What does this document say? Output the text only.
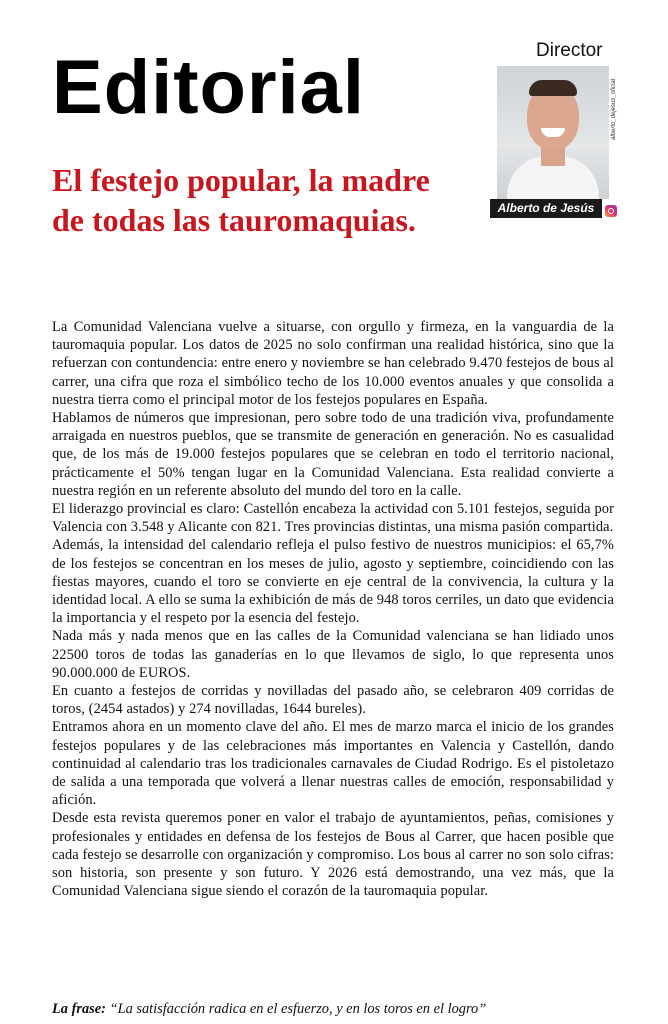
Editorial	Director
alberto_dejesus_oficial
Alberto de Jesús
El festejo popular, la madre de todas las tauromaquias.

La Comunidad Valenciana vuelve a situarse, con orgullo y firmeza, en la vanguardia de la tauromaquia popular. Los datos de 2025 no solo confirman una realidad histórica, sino que la refuerzan con contundencia: entre enero y noviembre se han celebrado 9.470 festejos de bous al carrer, una cifra que roza el simbólico techo de los 10.000 eventos anuales y que consolida a nuestra tierra como el principal motor de los festejos populares en España.

Hablamos de números que impresionan, pero sobre todo de una tradición viva, profundamente arraigada en nuestros pueblos, que se transmite de generación en generación. No es casualidad que, de los más de 19.000 festejos populares que se celebran en todo el territorio nacional, prácticamente el 50% tengan lugar en la Comunidad Valenciana. Esta realidad convierte a nuestra región en un referente absoluto del mundo del toro en la calle.

El liderazgo provincial es claro: Castellón encabeza la actividad con 5.101 festejos, seguida por Valencia con 3.548 y Alicante con 821. Tres provincias distintas, una misma pasión compartida.

Además, la intensidad del calendario refleja el pulso festivo de nuestros municipios: el 65,7% de los festejos se concentran en los meses de julio, agosto y septiembre, coincidiendo con las fiestas mayores, cuando el toro se convierte en eje central de la convivencia, la cultura y la identidad local. A ello se suma la exhibición de más de 948 toros cerriles, un dato que evidencia la importancia y el respeto por la esencia del festejo.

Nada más y nada menos que en las calles de la Comunidad valenciana se han lidiado unos 22500 toros de todas las ganaderías en lo que llevamos de siglo, lo que representa unos 90.000.000 de EUROS.

En cuanto a festejos de corridas y novilladas del pasado año, se celebraron 409 corridas de toros, (2454 astados) y 274 novilladas, 1644 bureles).

Entramos ahora en un momento clave del año. El mes de marzo marca el inicio de los grandes festejos populares y de las celebraciones más importantes en Valencia y Castellón, dando continuidad al calendario tras los tradicionales carnavales de Ciudad Rodrigo. Es el pistoletazo de salida a una temporada que volverá a llenar nuestras calles de emoción, responsabilidad y afición.

Desde esta revista queremos poner en valor el trabajo de ayuntamientos, peñas, comisiones y profesionales y entidades en defensa de los festejos de Bous al Carrer, que hacen posible que cada festejo se desarrolle con organización y compromiso. Los bous al carrer no son solo cifras: son historia, son presente y son futuro. Y 2026 está demostrando, una vez más, que la Comunidad Valenciana sigue siendo el corazón de la tauromaquia popular.

La frase: “La satisfacción radica en el esfuerzo, y en los toros en el logro”
